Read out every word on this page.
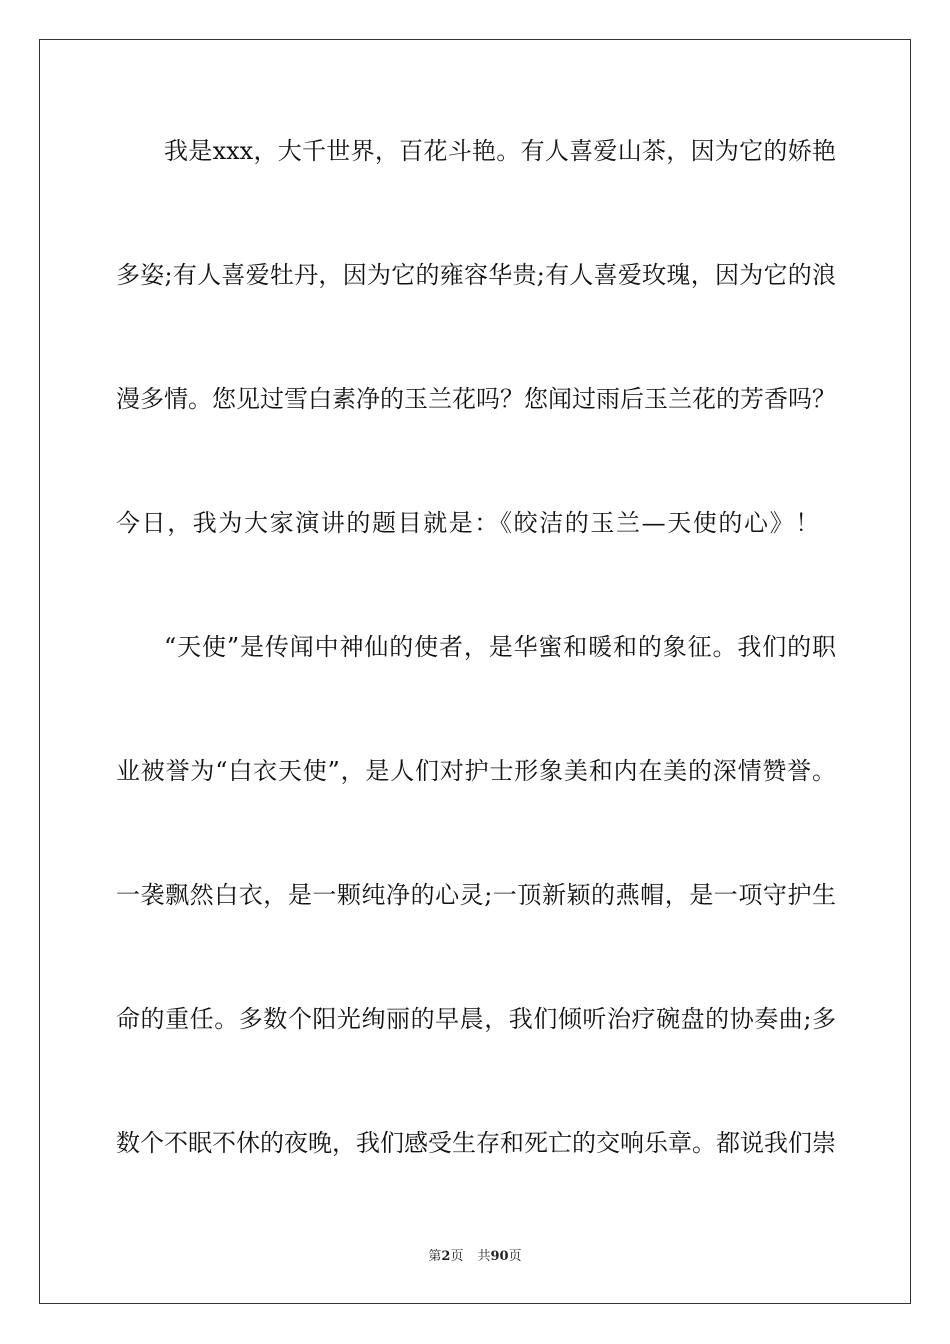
我是xxx，大千世界，百花斗艳。有人喜爱山茶，因为它的娇艳
多姿;有人喜爱牡丹，因为它的雍容华贵;有人喜爱玫瑰，因为它的浪
漫多情。您见过雪白素净的玉兰花吗？您闻过雨后玉兰花的芳香吗？
今日，我为大家演讲的题目就是：《皎洁的玉兰—天使的心》！
“天使”是传闻中神仙的使者，是华蜜和暖和的象征。我们的职
业被誉为“白衣天使”，是人们对护士形象美和内在美的深情赞誉。
一袭飘然白衣，是一颗纯净的心灵;一顶新颖的燕帽，是一项守护生
命的重任。多数个阳光绚丽的早晨，我们倾听治疗碗盘的协奏曲;多
数个不眠不休的夜晚，我们感受生存和死亡的交响乐章。都说我们崇
第2页 共90页
